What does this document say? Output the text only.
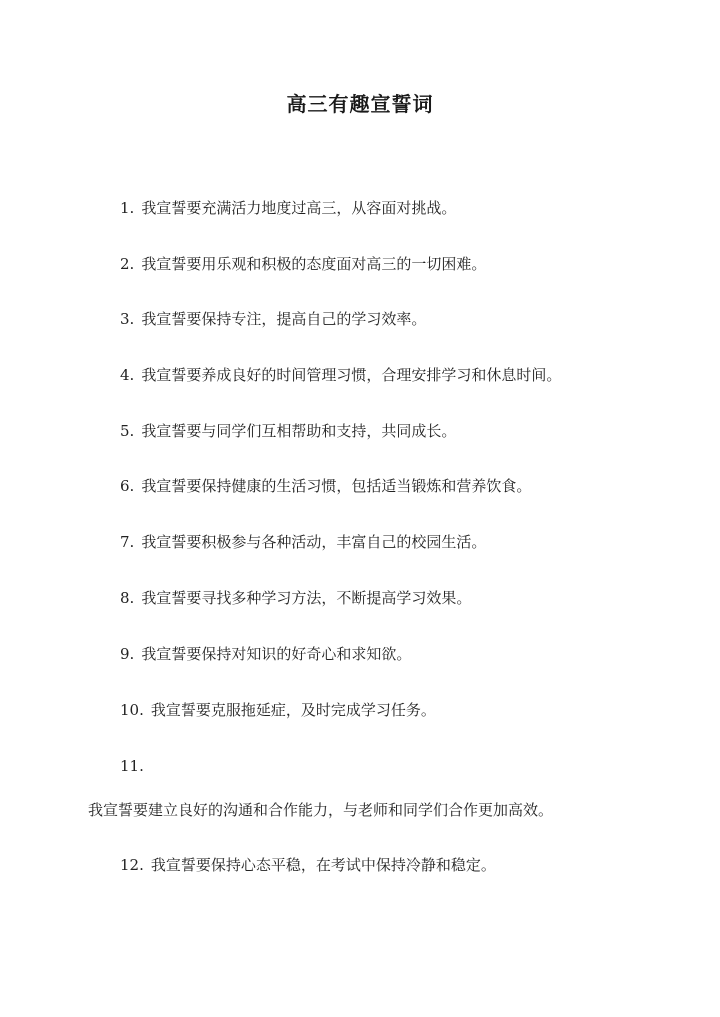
高三有趣宣誓词
1. 我宣誓要充满活力地度过高三，从容面对挑战。
2. 我宣誓要用乐观和积极的态度面对高三的一切困难。
3. 我宣誓要保持专注，提高自己的学习效率。
4. 我宣誓要养成良好的时间管理习惯，合理安排学习和休息时间。
5. 我宣誓要与同学们互相帮助和支持，共同成长。
6. 我宣誓要保持健康的生活习惯，包括适当锻炼和营养饮食。
7. 我宣誓要积极参与各种活动，丰富自己的校园生活。
8. 我宣誓要寻找多种学习方法，不断提高学习效果。
9. 我宣誓要保持对知识的好奇心和求知欲。
10. 我宣誓要克服拖延症，及时完成学习任务。
11.
我宣誓要建立良好的沟通和合作能力，与老师和同学们合作更加高效。
12. 我宣誓要保持心态平稳，在考试中保持冷静和稳定。
